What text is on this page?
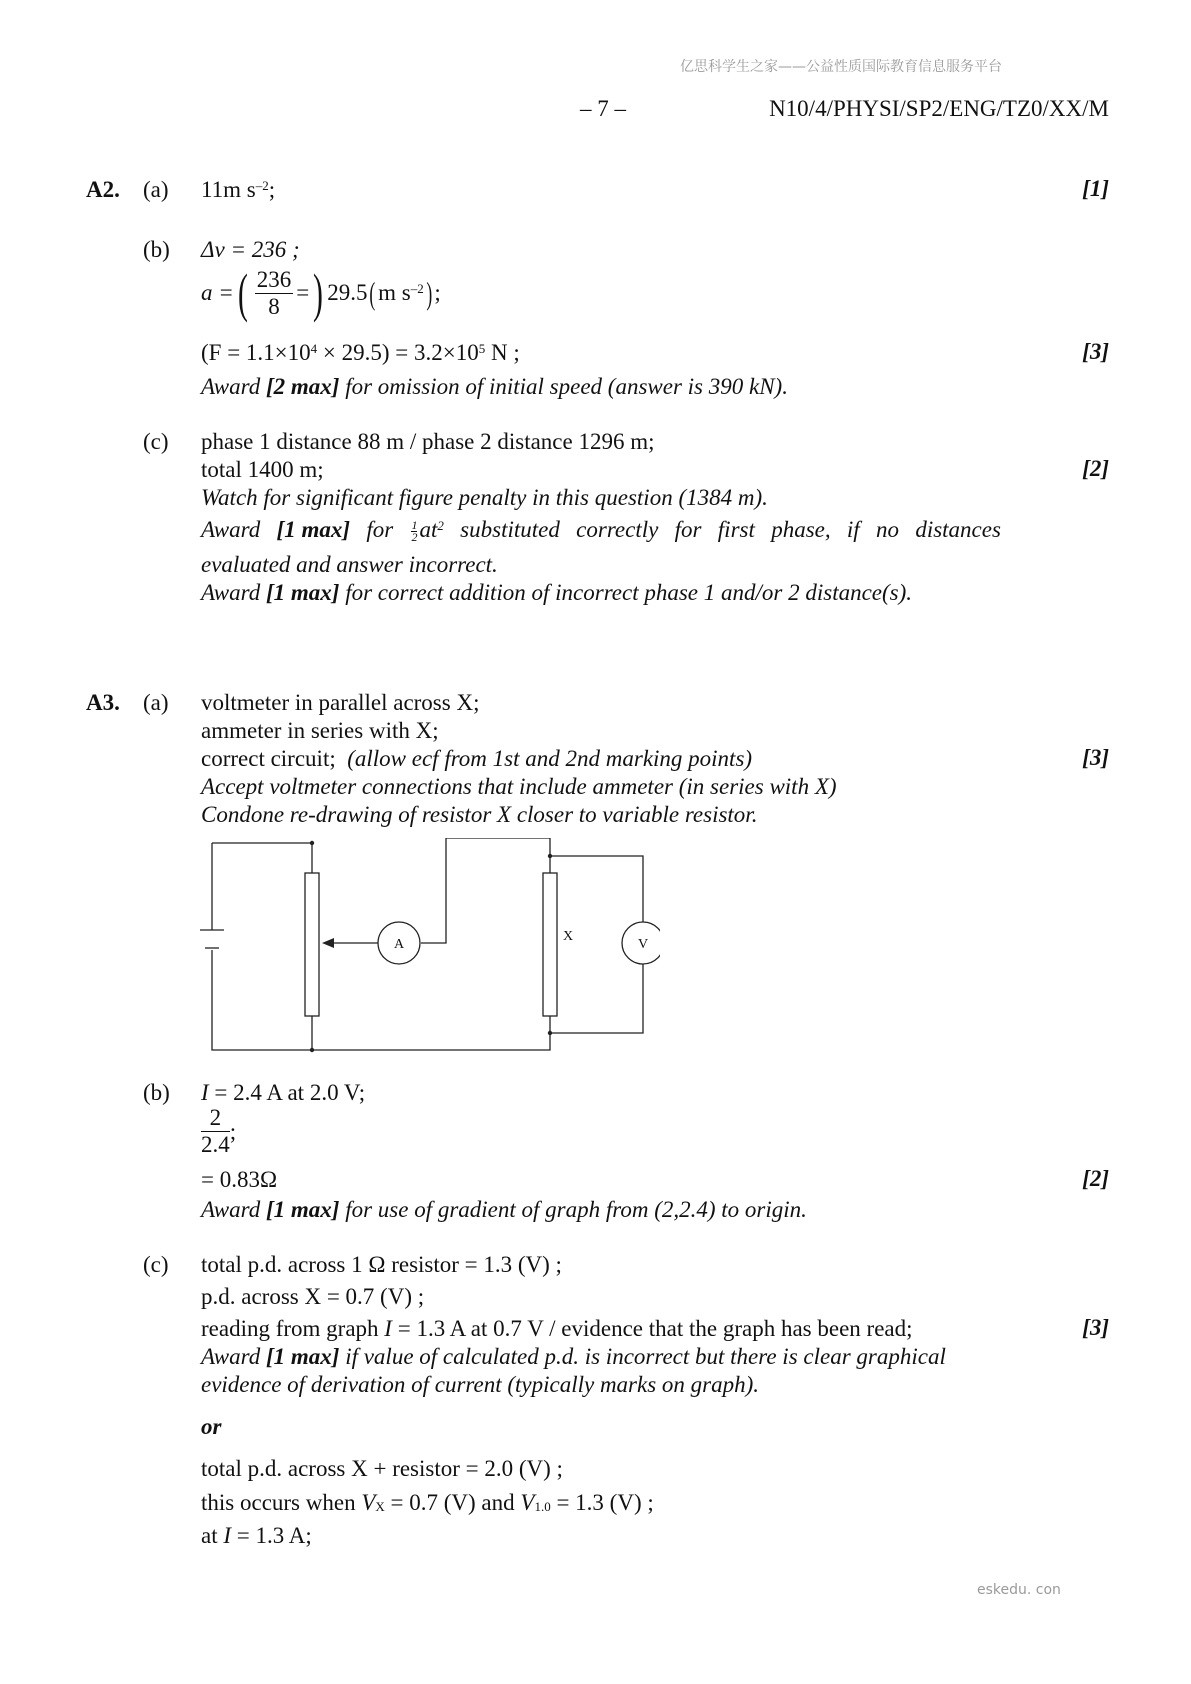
亿思科学生之家——公益性质国际教育信息服务平台
– 7 –	N10/4/PHYSI/SP2/ENG/TZ0/XX/M
A2. (a) 11m $s^{-2}$;	[1]
(b) Δv = 236 ;
a = ( $\frac{236}{8}$ = ) 29.5 ( m $s^{-2}$ ) ;
$(F = 1.1\times 10^4 \times 29.5) = 3.2\times 10^5$ N ;	[3]
Award [2 max] for omission of initial speed (answer is 390 kN).
(c) phase 1 distance 88 m / phase 2 distance 1296 m;
total 1400 m;	[2]
Watch for significant figure penalty in this question (1384 m).
Award [1 max] for $\frac{1}{2} at^2$ substituted correctly for first phase, if no distances
evaluated and answer incorrect.
Award [1 max] for correct addition of incorrect phase 1 and/or 2 distance(s).
A3. (a) voltmeter in parallel across X;
ammeter in series with X;
correct circuit; (allow ecf from 1st and 2nd marking points)	[3]
Accept voltmeter connections that include ammeter (in series with X)
Condone re-drawing of resistor X closer to variable resistor.
A	V
X
(b) I = 2.4 A at 2.0 V;
$\frac{2}{2.4}$ ;
= 0.83Ω	[2]
Award [1 max] for use of gradient of graph from (2,2.4) to origin.
(c) total p.d. across 1 Ω resistor = 1.3 (V) ;
p.d. across X = 0.7 (V) ;
reading from graph I = 1.3 A at 0.7 V / evidence that the graph has been read;	[3]
Award [1 max] if value of calculated p.d. is incorrect but there is clear graphical
evidence of derivation of current (typically marks on graph).
or
total p.d. across X + resistor = 2.0 (V) ;
this occurs when $V_X = 0.7$ (V) and $V_{1.0} = 1.3$ (V) ;
at I = 1.3 A;
eskedu. con
